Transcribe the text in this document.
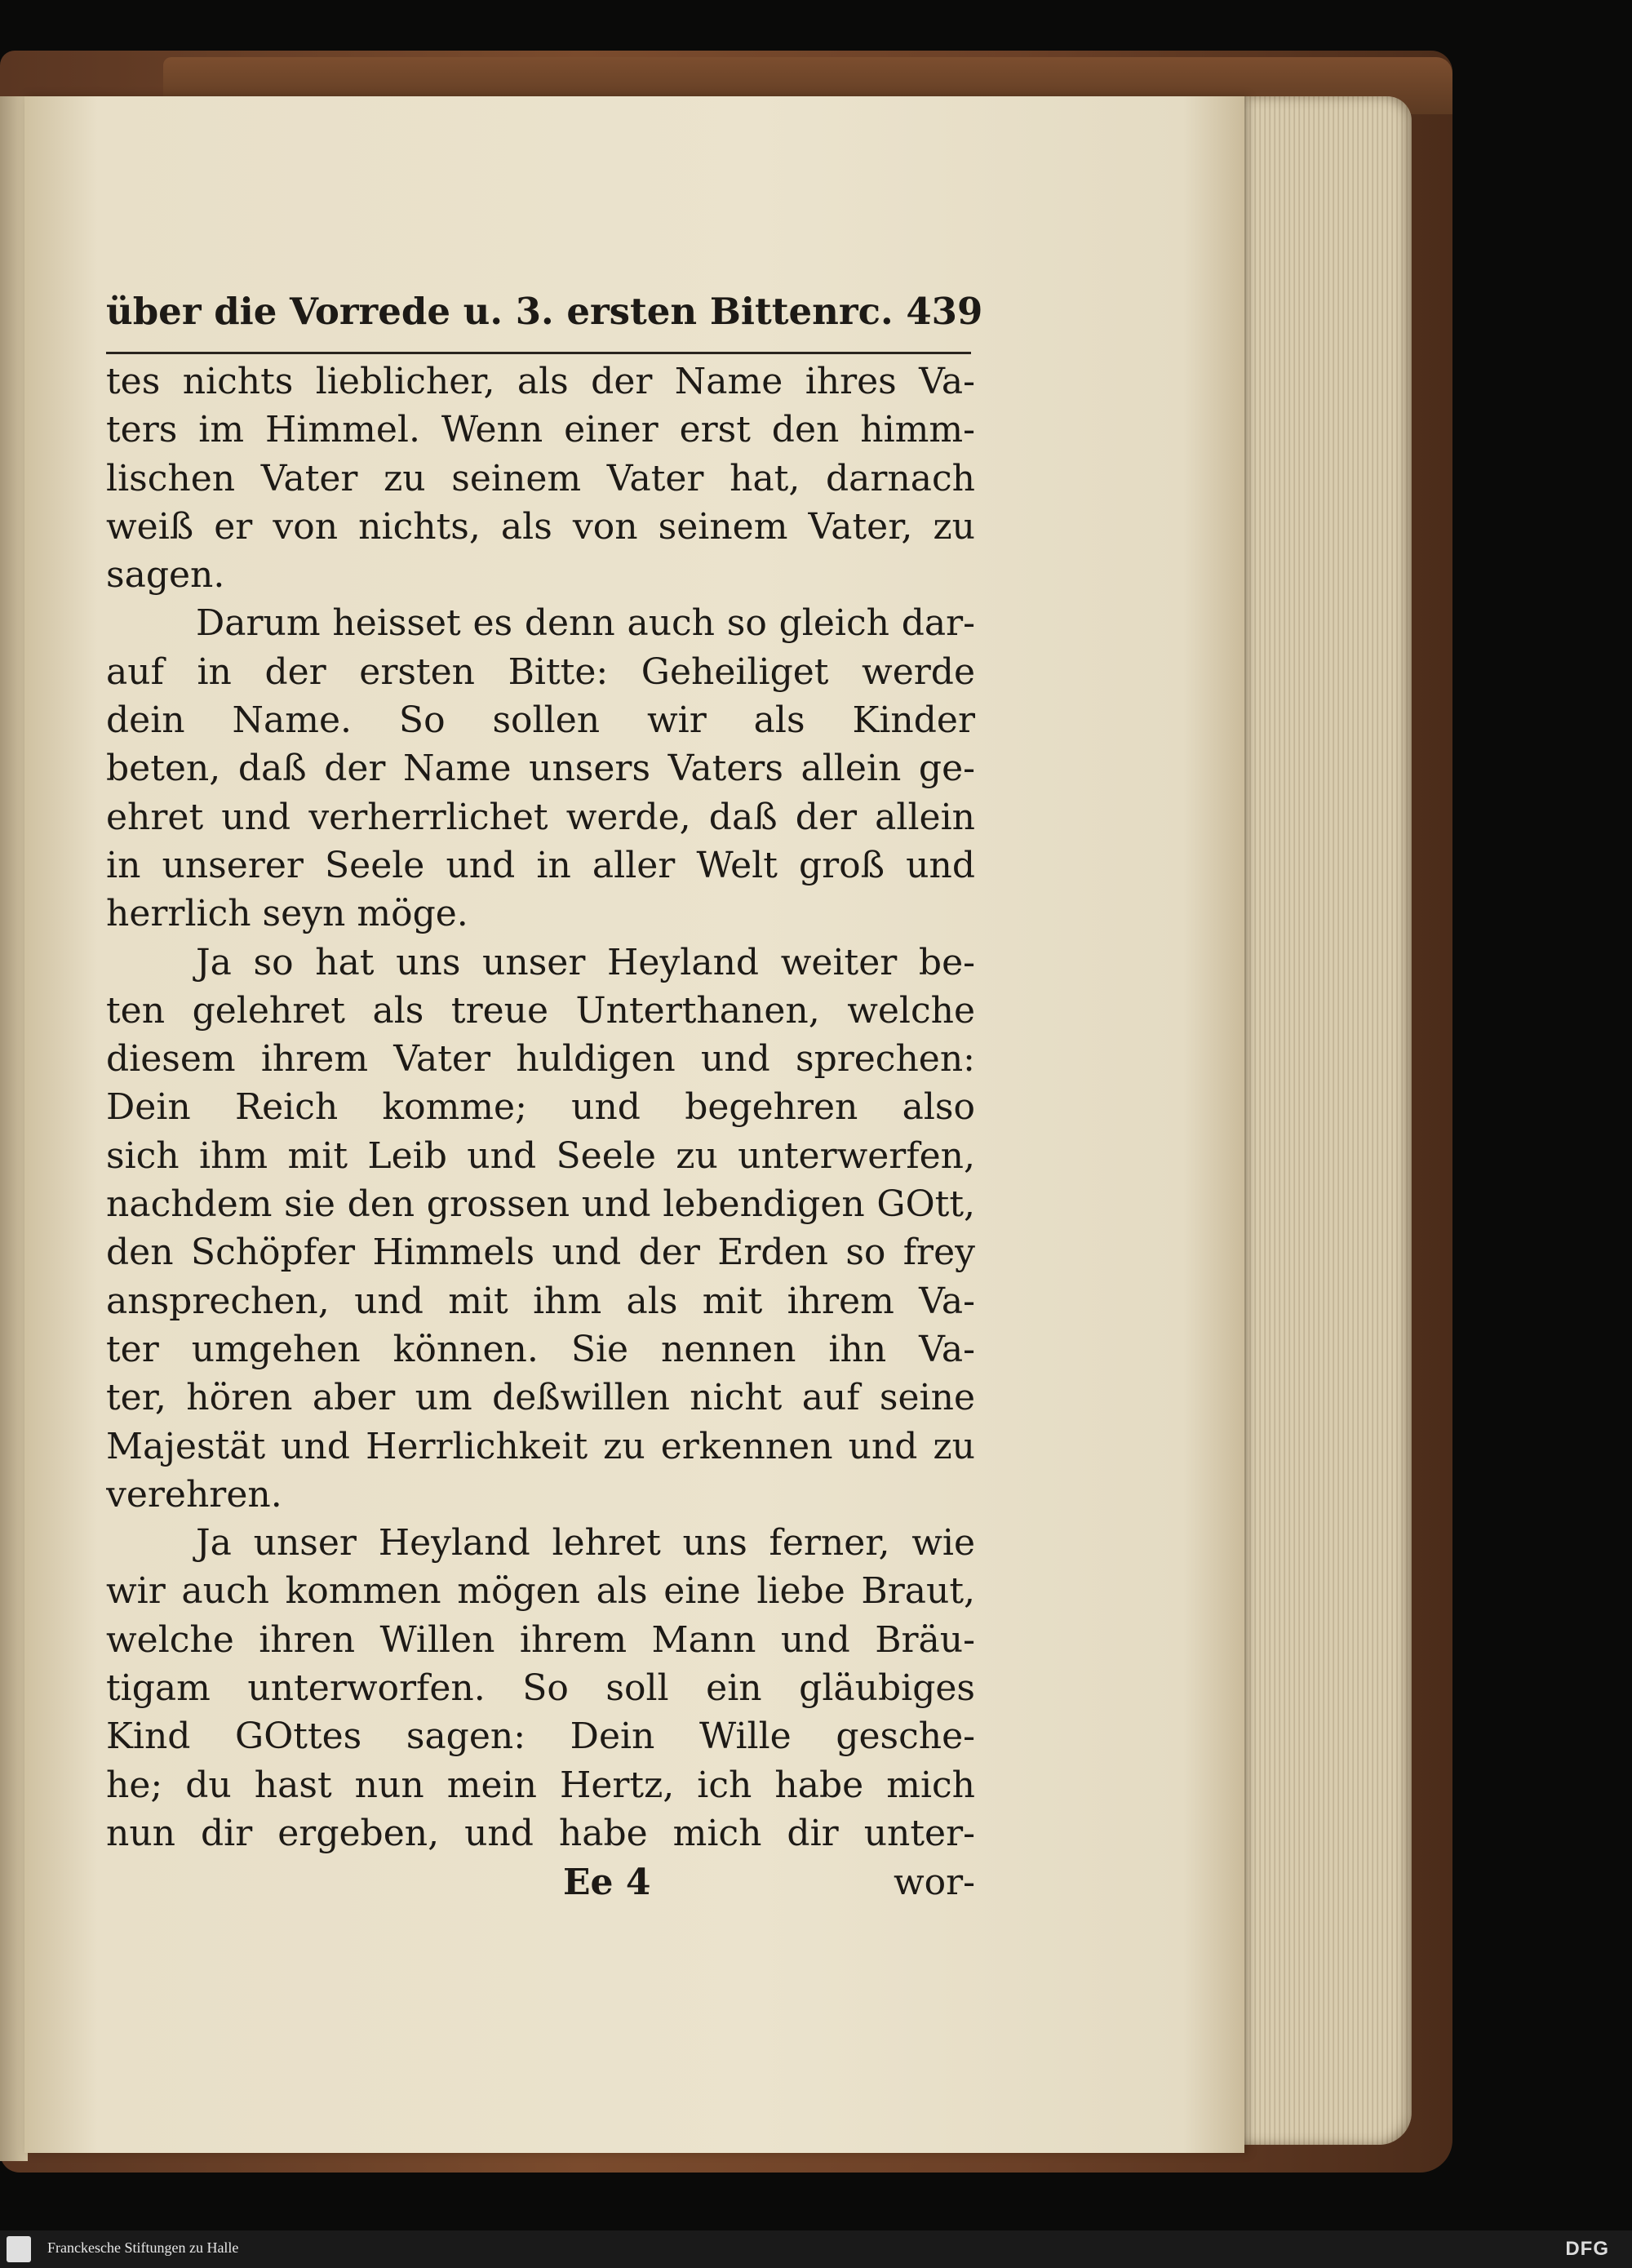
über die Vorrede u. 3. ersten Bitten rc. 439
tes nichts lieblicher, als der Name ihres Va-
ters im Himmel. Wenn einer erst den himm-
lischen Vater zu seinem Vater hat, darnach
weiß er von nichts, als von seinem Vater, zu
sagen.
Darum heisset es denn auch so gleich dar-
auf in der ersten Bitte: Geheiliget werde
dein Name. So sollen wir als Kinder
beten, daß der Name unsers Vaters allein ge-
ehret und verherrlichet werde, daß der allein
in unserer Seele und in aller Welt groß und
herrlich seyn möge.
Ja so hat uns unser Heyland weiter be-
ten gelehret als treue Unterthanen, welche
diesem ihrem Vater huldigen und sprechen:
Dein Reich komme; und begehren also
sich ihm mit Leib und Seele zu unterwerfen,
nachdem sie den grossen und lebendigen GOtt,
den Schöpfer Himmels und der Erden so frey
ansprechen, und mit ihm als mit ihrem Va-
ter umgehen können. Sie nennen ihn Va-
ter, hören aber um deßwillen nicht auf seine
Majestät und Herrlichkeit zu erkennen und zu
verehren.
Ja unser Heyland lehret uns ferner, wie
wir auch kommen mögen als eine liebe Braut,
welche ihren Willen ihrem Mann und Bräu-
tigam unterworfen. So soll ein gläubiges
Kind GOttes sagen: Dein Wille gesche-
he; du hast nun mein Hertz, ich habe mich
nun dir ergeben, und habe mich dir unter-
Ee 4	wor-
Franckesche Stiftungen zu Halle	DFG
